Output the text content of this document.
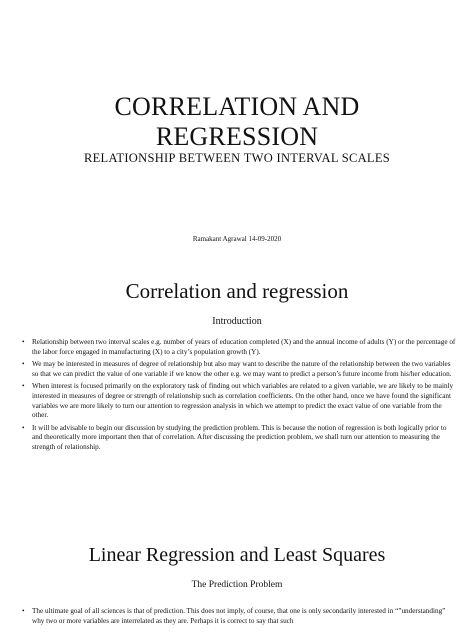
CORRELATION AND
REGRESSION
RELATIONSHIP BETWEEN TWO INTERVAL SCALES
Ramakant Agrawal 14-09-2020
Correlation and regression
Introduction
• Relationship between two interval scales e.g. number of years of education completed (X) and the annual income of adults (Y) or the percentage of the labor force engaged in manufacturing (X) to a city’s population growth (Y).
• We may be interested in measures of degree of relationship but also may want to describe the nature of the relationship between the two variables so that we can predict the value of one variable if we know the other e.g. we may want to predict a person’s future income from his/her education.
• When interest is focused primarily on the exploratory task of finding out which variables are related to a given variable, we are likely to be mainly interested in measures of degree or strength of relationship such as correlation coefficients. On the other hand, once we have found the significant variables we are more likely to turn our attention to regression analysis in which we attempt to predict the exact value of one variable from the other.
• It will be advisable to begin our discussion by studying the prediction problem. This is because the notion of regression is both logically prior to and theoretically more important then that of correlation. After discussing the prediction problem, we shall turn our attention to measuring the strength of relationship.
Linear Regression and Least Squares
The Prediction Problem
• The ultimate goal of all sciences is that of prediction. This does not imply, of course, that one is only secondarily interested in “”understanding” why two or more variables are interrelated as they are. Perhaps it is correct to say that such
